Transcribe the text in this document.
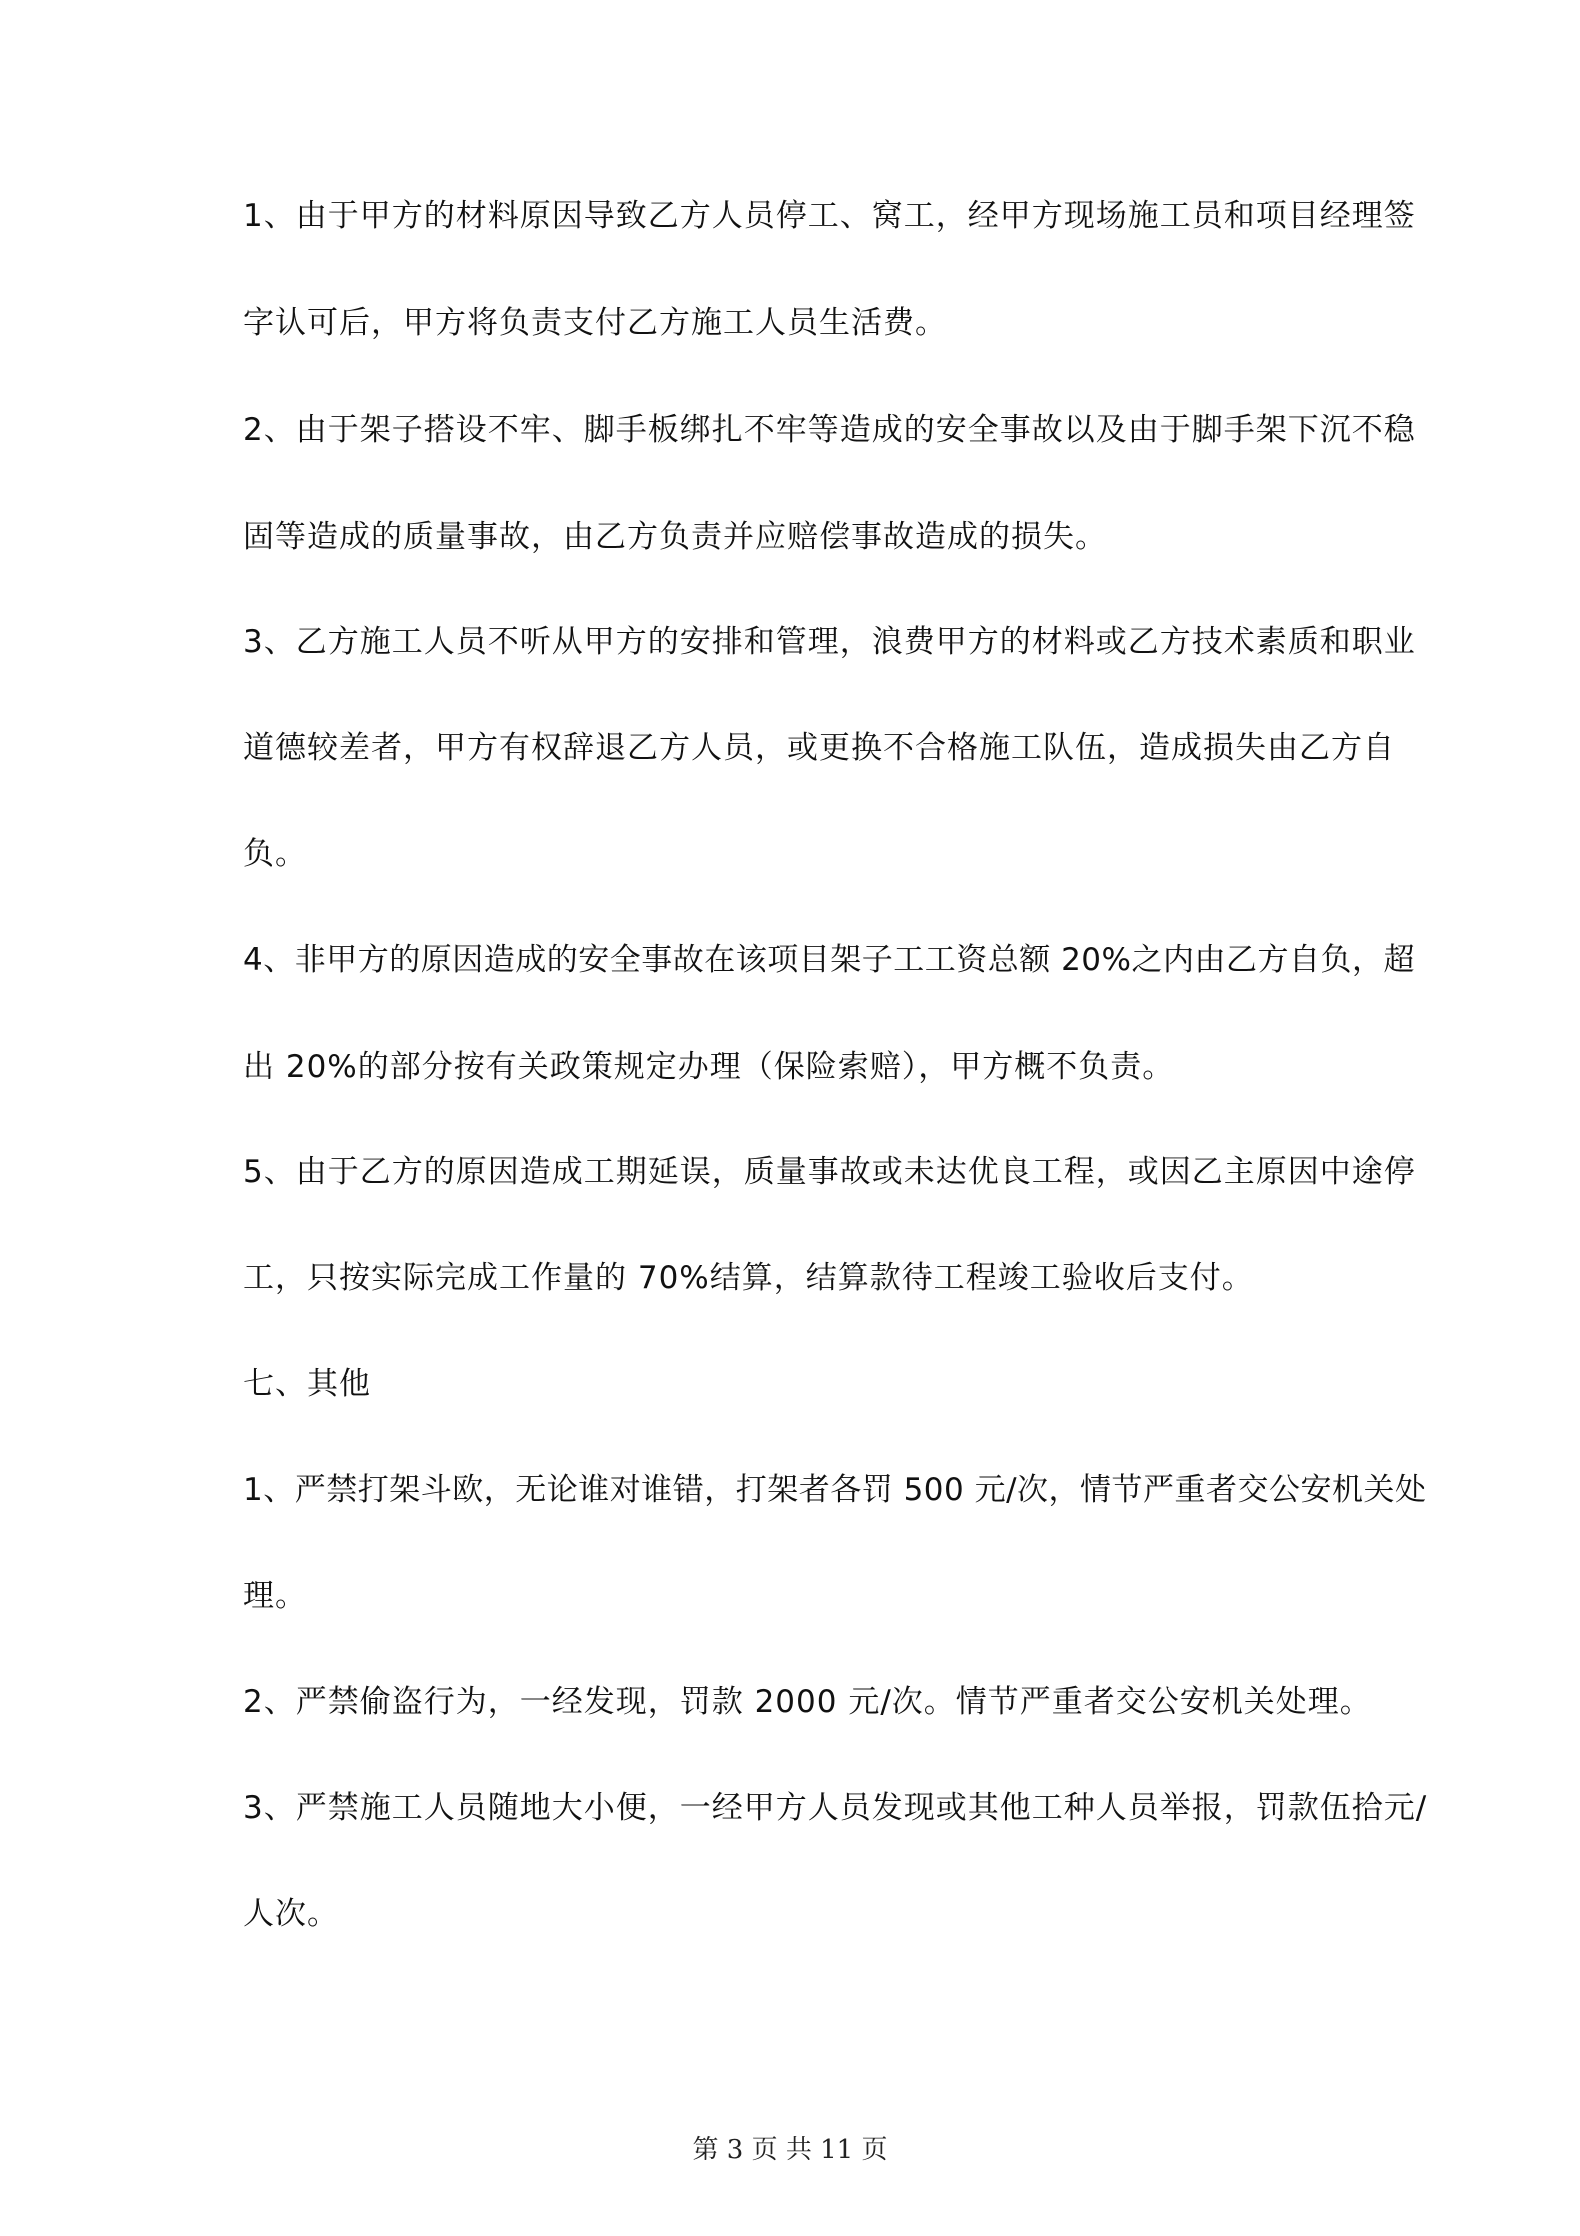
1、由于甲方的材料原因导致乙方人员停工、窝工，经甲方现场施工员和项目经理签

字认可后，甲方将负责支付乙方施工人员生活费。

2、由于架子搭设不牢、脚手板绑扎不牢等造成的安全事故以及由于脚手架下沉不稳

固等造成的质量事故，由乙方负责并应赔偿事故造成的损失。

3、乙方施工人员不听从甲方的安排和管理，浪费甲方的材料或乙方技术素质和职业

道德较差者，甲方有权辞退乙方人员，或更换不合格施工队伍，造成损失由乙方自

负。

4、非甲方的原因造成的安全事故在该项目架子工工资总额 20%之内由乙方自负，超

出 20%的部分按有关政策规定办理（保险索赔），甲方概不负责。

5、由于乙方的原因造成工期延误，质量事故或未达优良工程，或因乙主原因中途停

工，只按实际完成工作量的 70%结算，结算款待工程竣工验收后支付。

七、其他

1、严禁打架斗欧，无论谁对谁错，打架者各罚 500 元/次，情节严重者交公安机关处

理。

2、严禁偷盗行为，一经发现，罚款 2000 元/次。情节严重者交公安机关处理。

3、严禁施工人员随地大小便，一经甲方人员发现或其他工种人员举报，罚款伍拾元/

人次。

第 3 页 共 11 页
